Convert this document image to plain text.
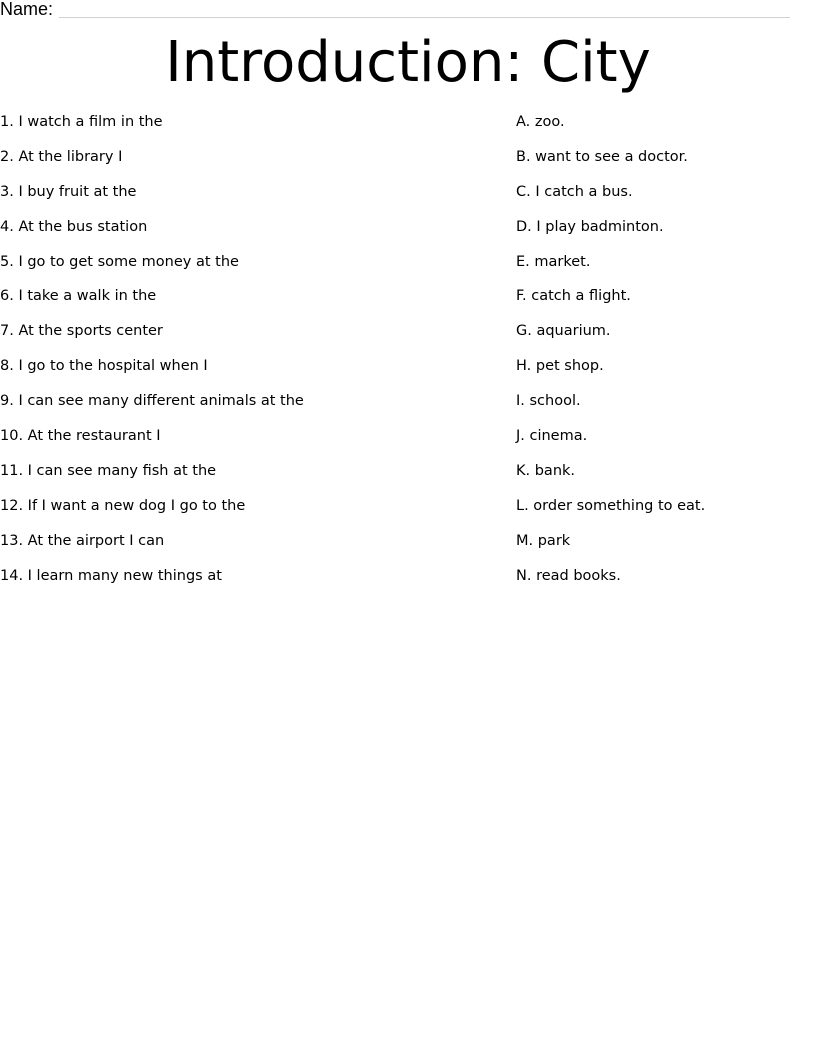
Name:
Introduction: City
1. I watch a film in the
2. At the library I
3. I buy fruit at the
4. At the bus station
5. I go to get some money at the
6. I take a walk in the
7. At the sports center
8. I go to the hospital when I
9. I can see many different animals at the
10. At the restaurant I
11. I can see many fish at the
12. If I want a new dog I go to the
13. At the airport I can
14. I learn many new things at
A. zoo.
B. want to see a doctor.
C. I catch a bus.
D. I play badminton.
E. market.
F. catch a flight.
G. aquarium.
H. pet shop.
I. school.
J. cinema.
K. bank.
L. order something to eat.
M. park
N. read books.
